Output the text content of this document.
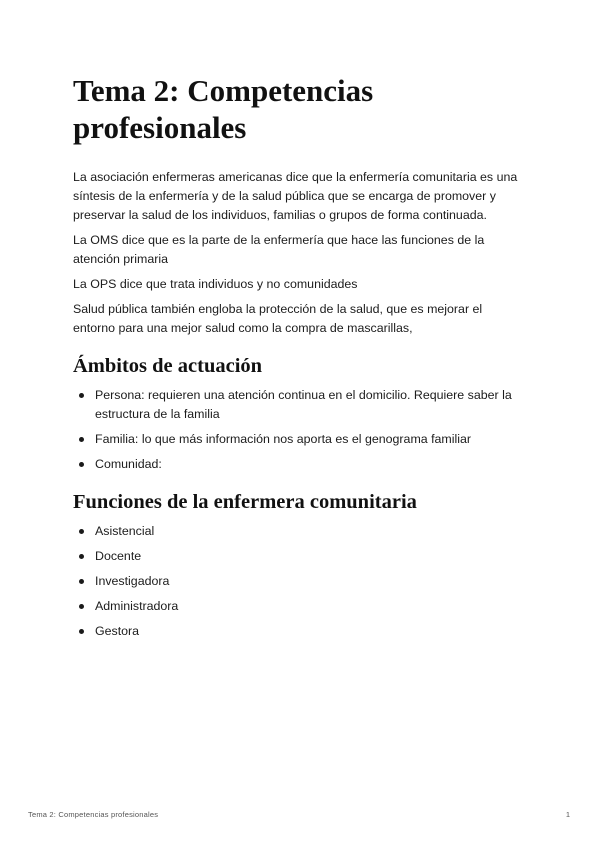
Tema 2: Competencias profesionales

La asociación enfermeras americanas dice que la enfermería comunitaria es una síntesis de la enfermería y de la salud pública que se encarga de promover y preservar la salud de los individuos, familias o grupos de forma continuada.

La OMS dice que es la parte de la enfermería que hace las funciones de la atención primaria

La OPS dice que trata individuos y no comunidades

Salud pública también engloba la protección de la salud, que es mejorar el entorno para una mejor salud como la compra de mascarillas,

Ámbitos de actuación
Persona: requieren una atención continua en el domicilio. Requiere saber la estructura de la familia
Familia: lo que más información nos aporta es el genograma familiar
Comunidad:
Funciones de la enfermera comunitaria
Asistencial
Docente
Investigadora
Administradora
Gestora
Tema 2: Competencias profesionales	1
